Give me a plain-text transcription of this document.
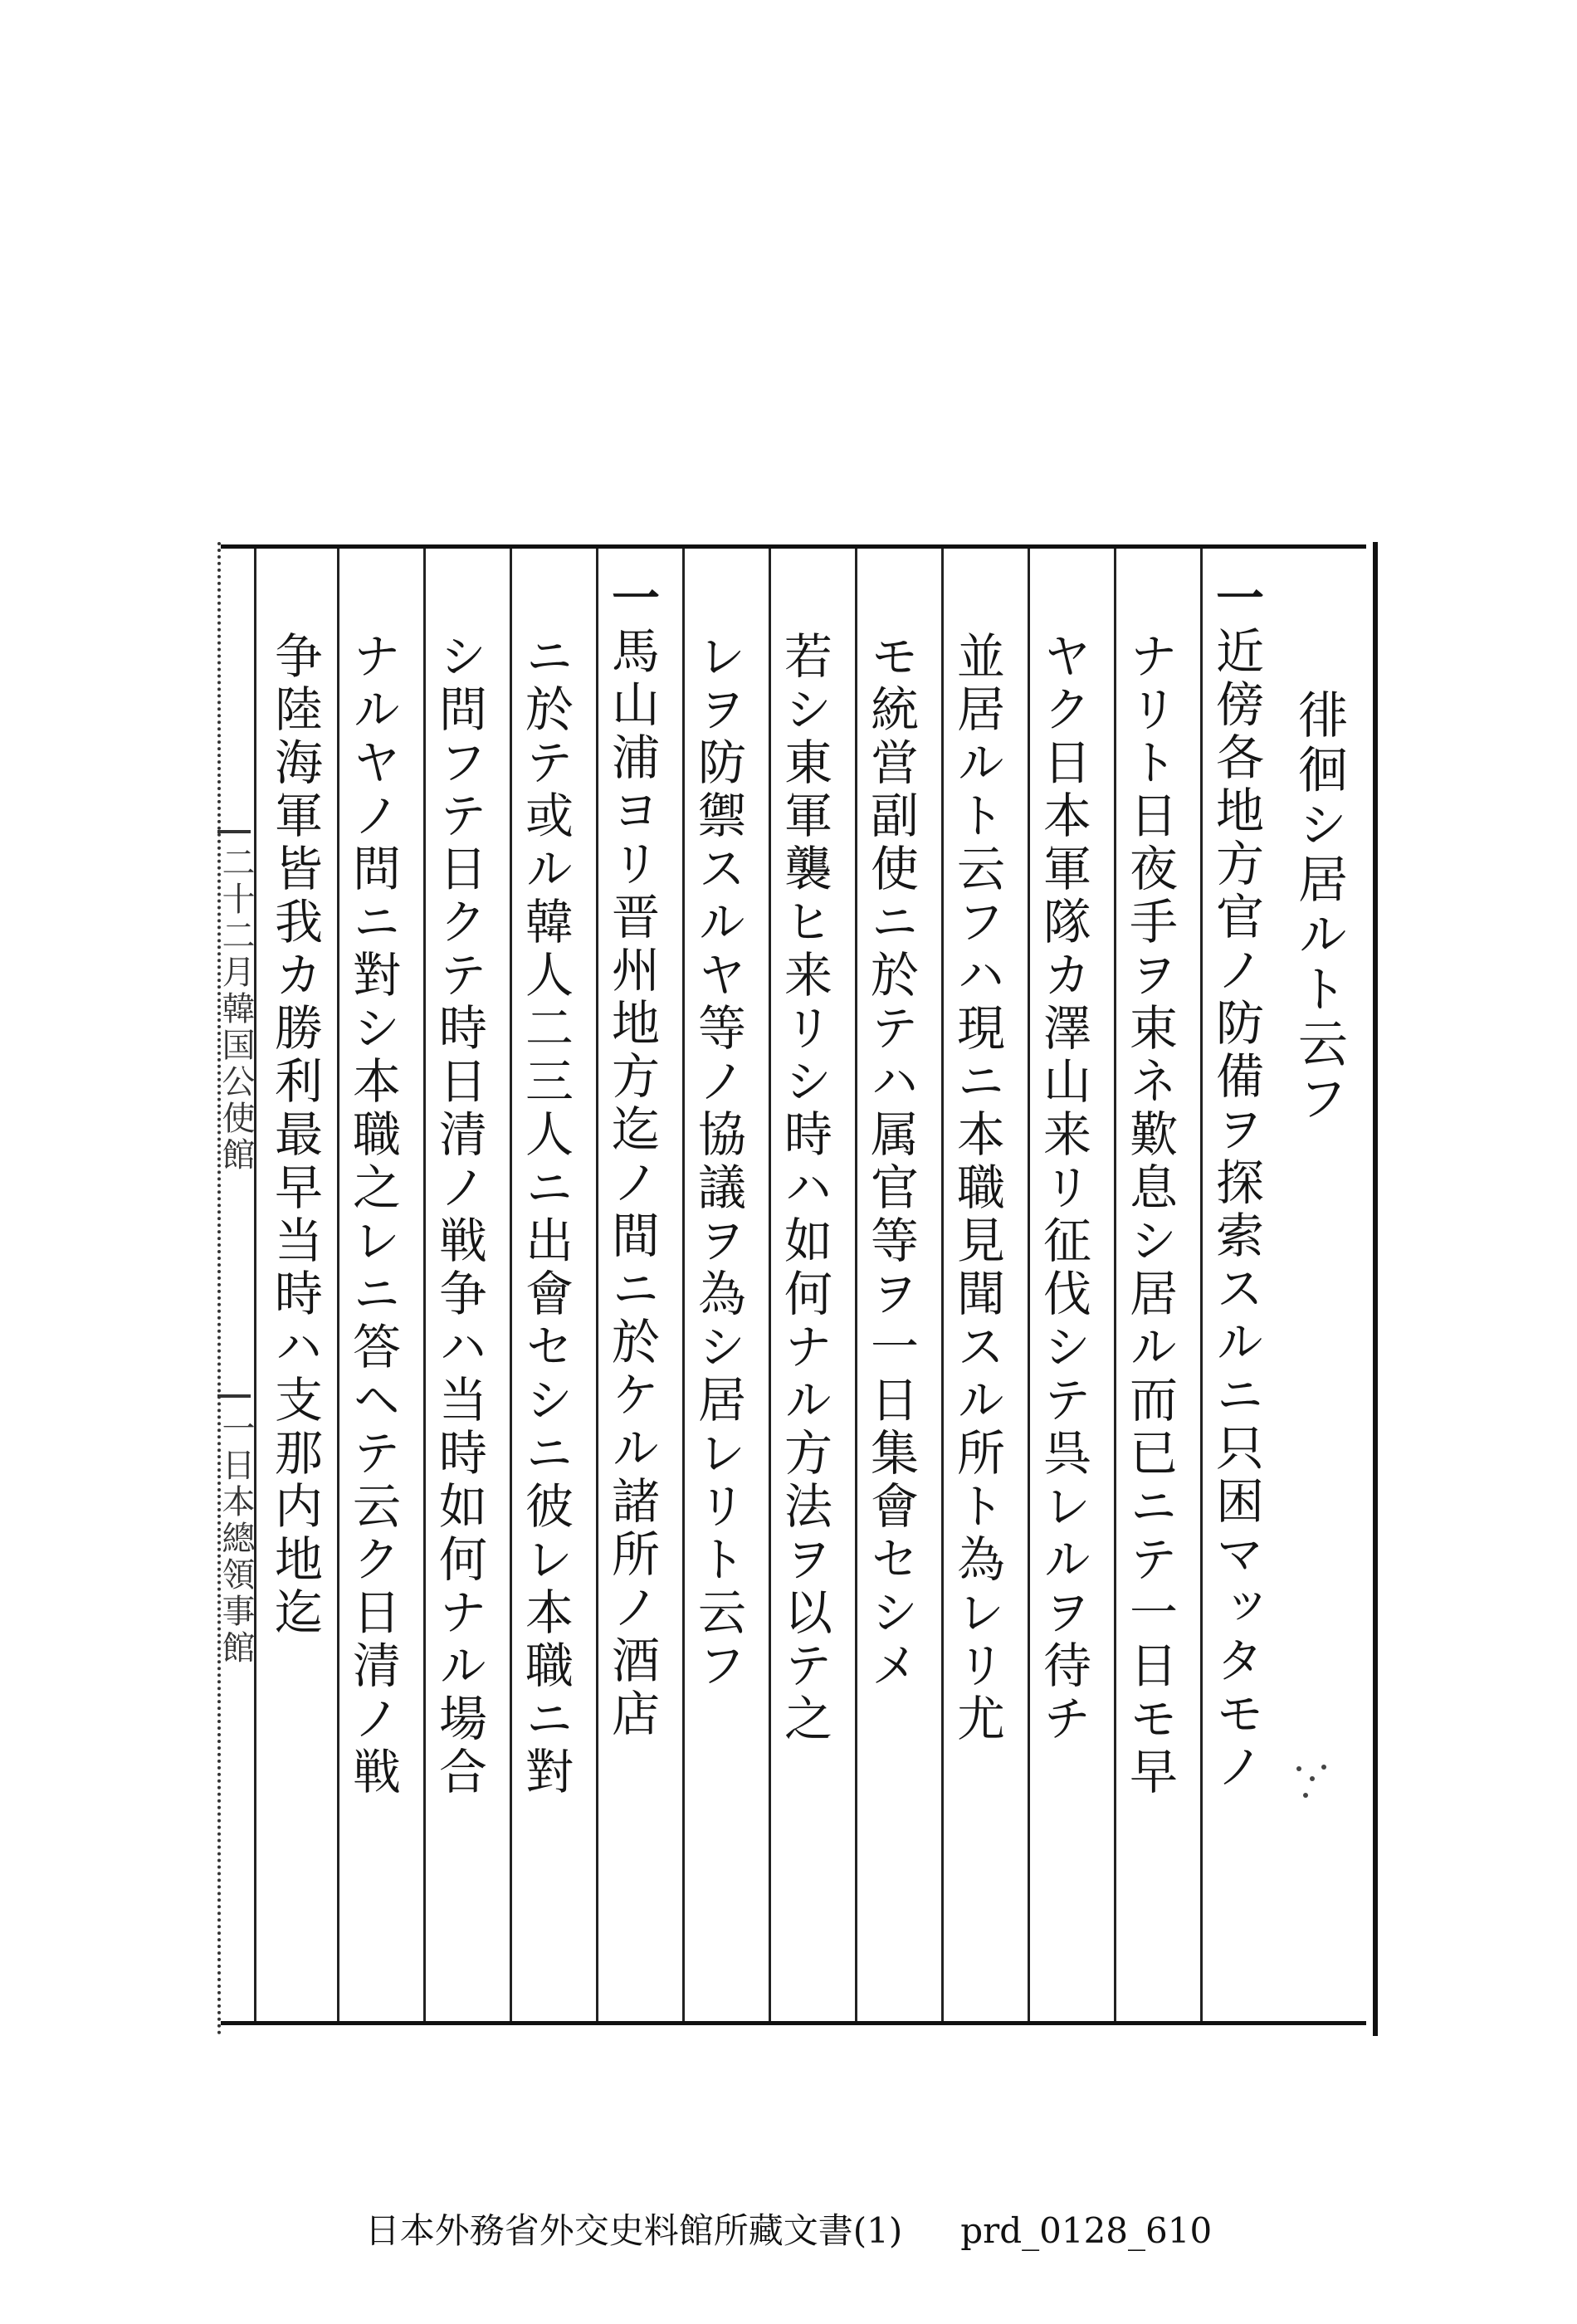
徘徊シ居ルト云フ
一近傍各地方官ノ防備ヲ探索スルニ只困マッタモノ
ナリト日夜手ヲ束ネ歎息シ居ル而已ニテ一日モ早
ヤク日本軍隊カ澤山来リ征伐シテ呉レルヲ待チ
並居ルト云フハ現ニ本職見聞スル所ト為レリ尤
モ統営副使ニ於テハ属官等ヲ一日集會セシメ
若シ東軍襲ヒ来リシ時ハ如何ナル方法ヲ以テ之
レヲ防禦スルヤ等ノ協議ヲ為シ居レリト云フ
一馬山浦ヨリ晋州地方迄ノ間ニ於ケル諸所ノ酒店
ニ於テ或ル韓人二三人ニ出會セシニ彼レ本職ニ對
シ問フテ日クテ時日清ノ戦争ハ当時如何ナル場合
ナルヤノ問ニ對シ本職之レニ答ヘテ云ク日清ノ戦
争陸海軍皆我カ勝利最早当時ハ支那内地迄
二十二月韓国公使館
一日本總領事館
日本外務省外交史料館所藏文書(1) prd_0128_610
